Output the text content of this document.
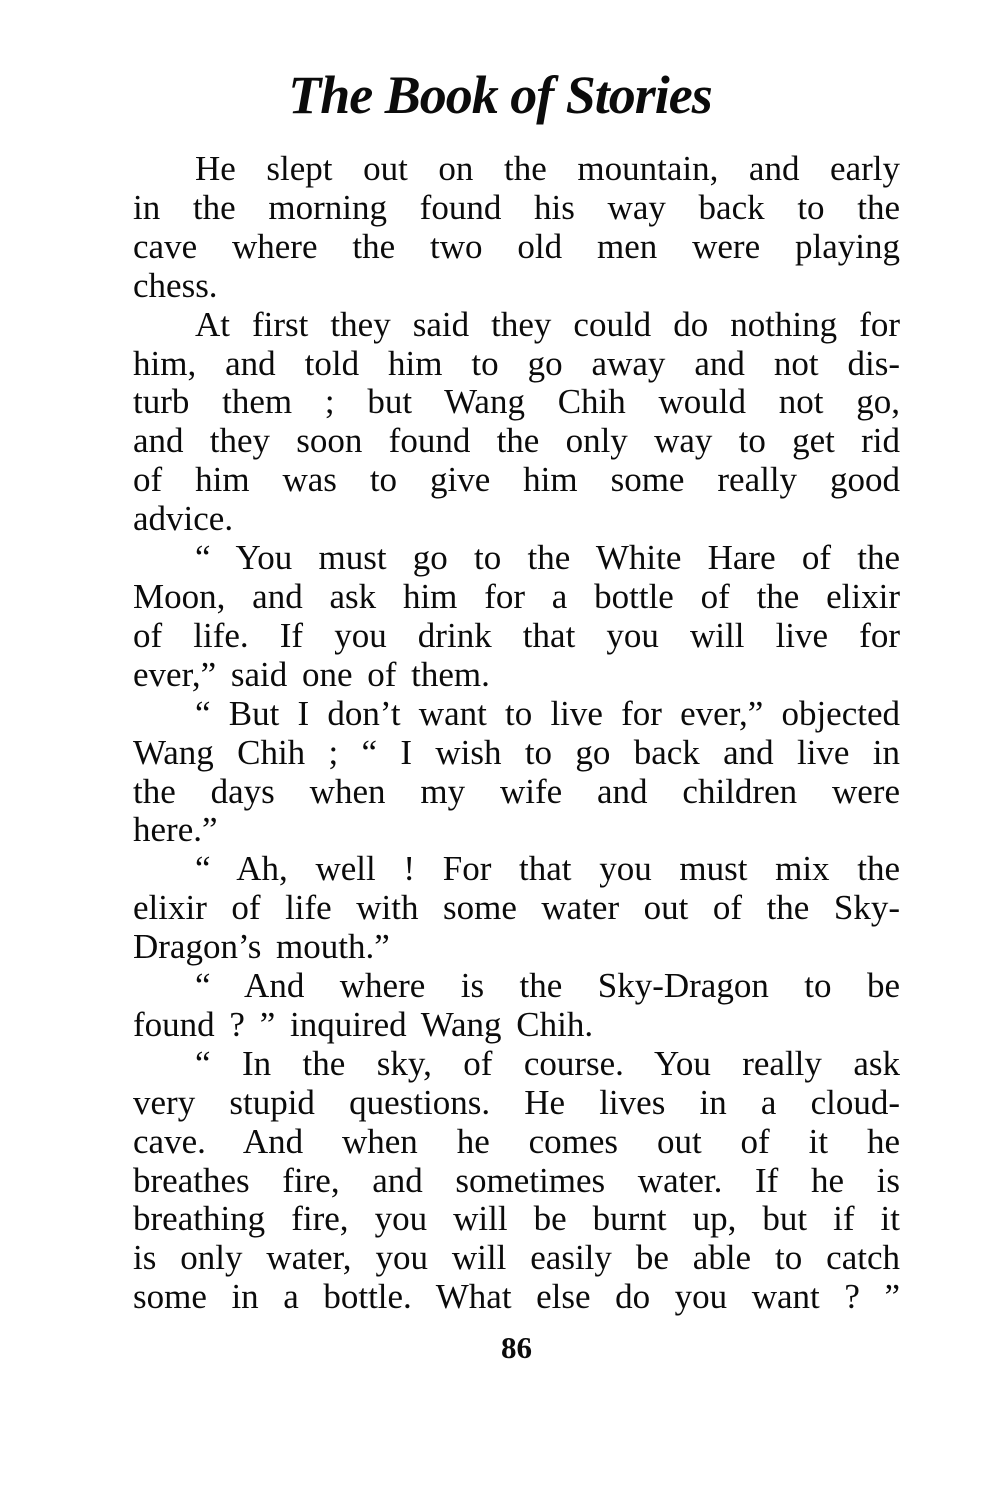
The Book of Stories
He slept out on the mountain, and early
in the morning found his way back to the
cave where the two old men were playing
chess.
At first they said they could do nothing for
him, and told him to go away and not dis-
turb them ; but Wang Chih would not go,
and they soon found the only way to get rid
of him was to give him some really good
advice.
“ You must go to the White Hare of the
Moon, and ask him for a bottle of the elixir
of life. If you drink that you will live for
ever,” said one of them.
“ But I don’t want to live for ever,” objected
Wang Chih ; “ I wish to go back and live in
the days when my wife and children were
here.”
“ Ah, well ! For that you must mix the
elixir of life with some water out of the Sky-
Dragon’s mouth.”
“ And where is the Sky-Dragon to be
found ? ” inquired Wang Chih.
“ In the sky, of course. You really ask
very stupid questions. He lives in a cloud-
cave. And when he comes out of it he
breathes fire, and sometimes water. If he is
breathing fire, you will be burnt up, but if it
is only water, you will easily be able to catch
some in a bottle. What else do you want ? ”
86
